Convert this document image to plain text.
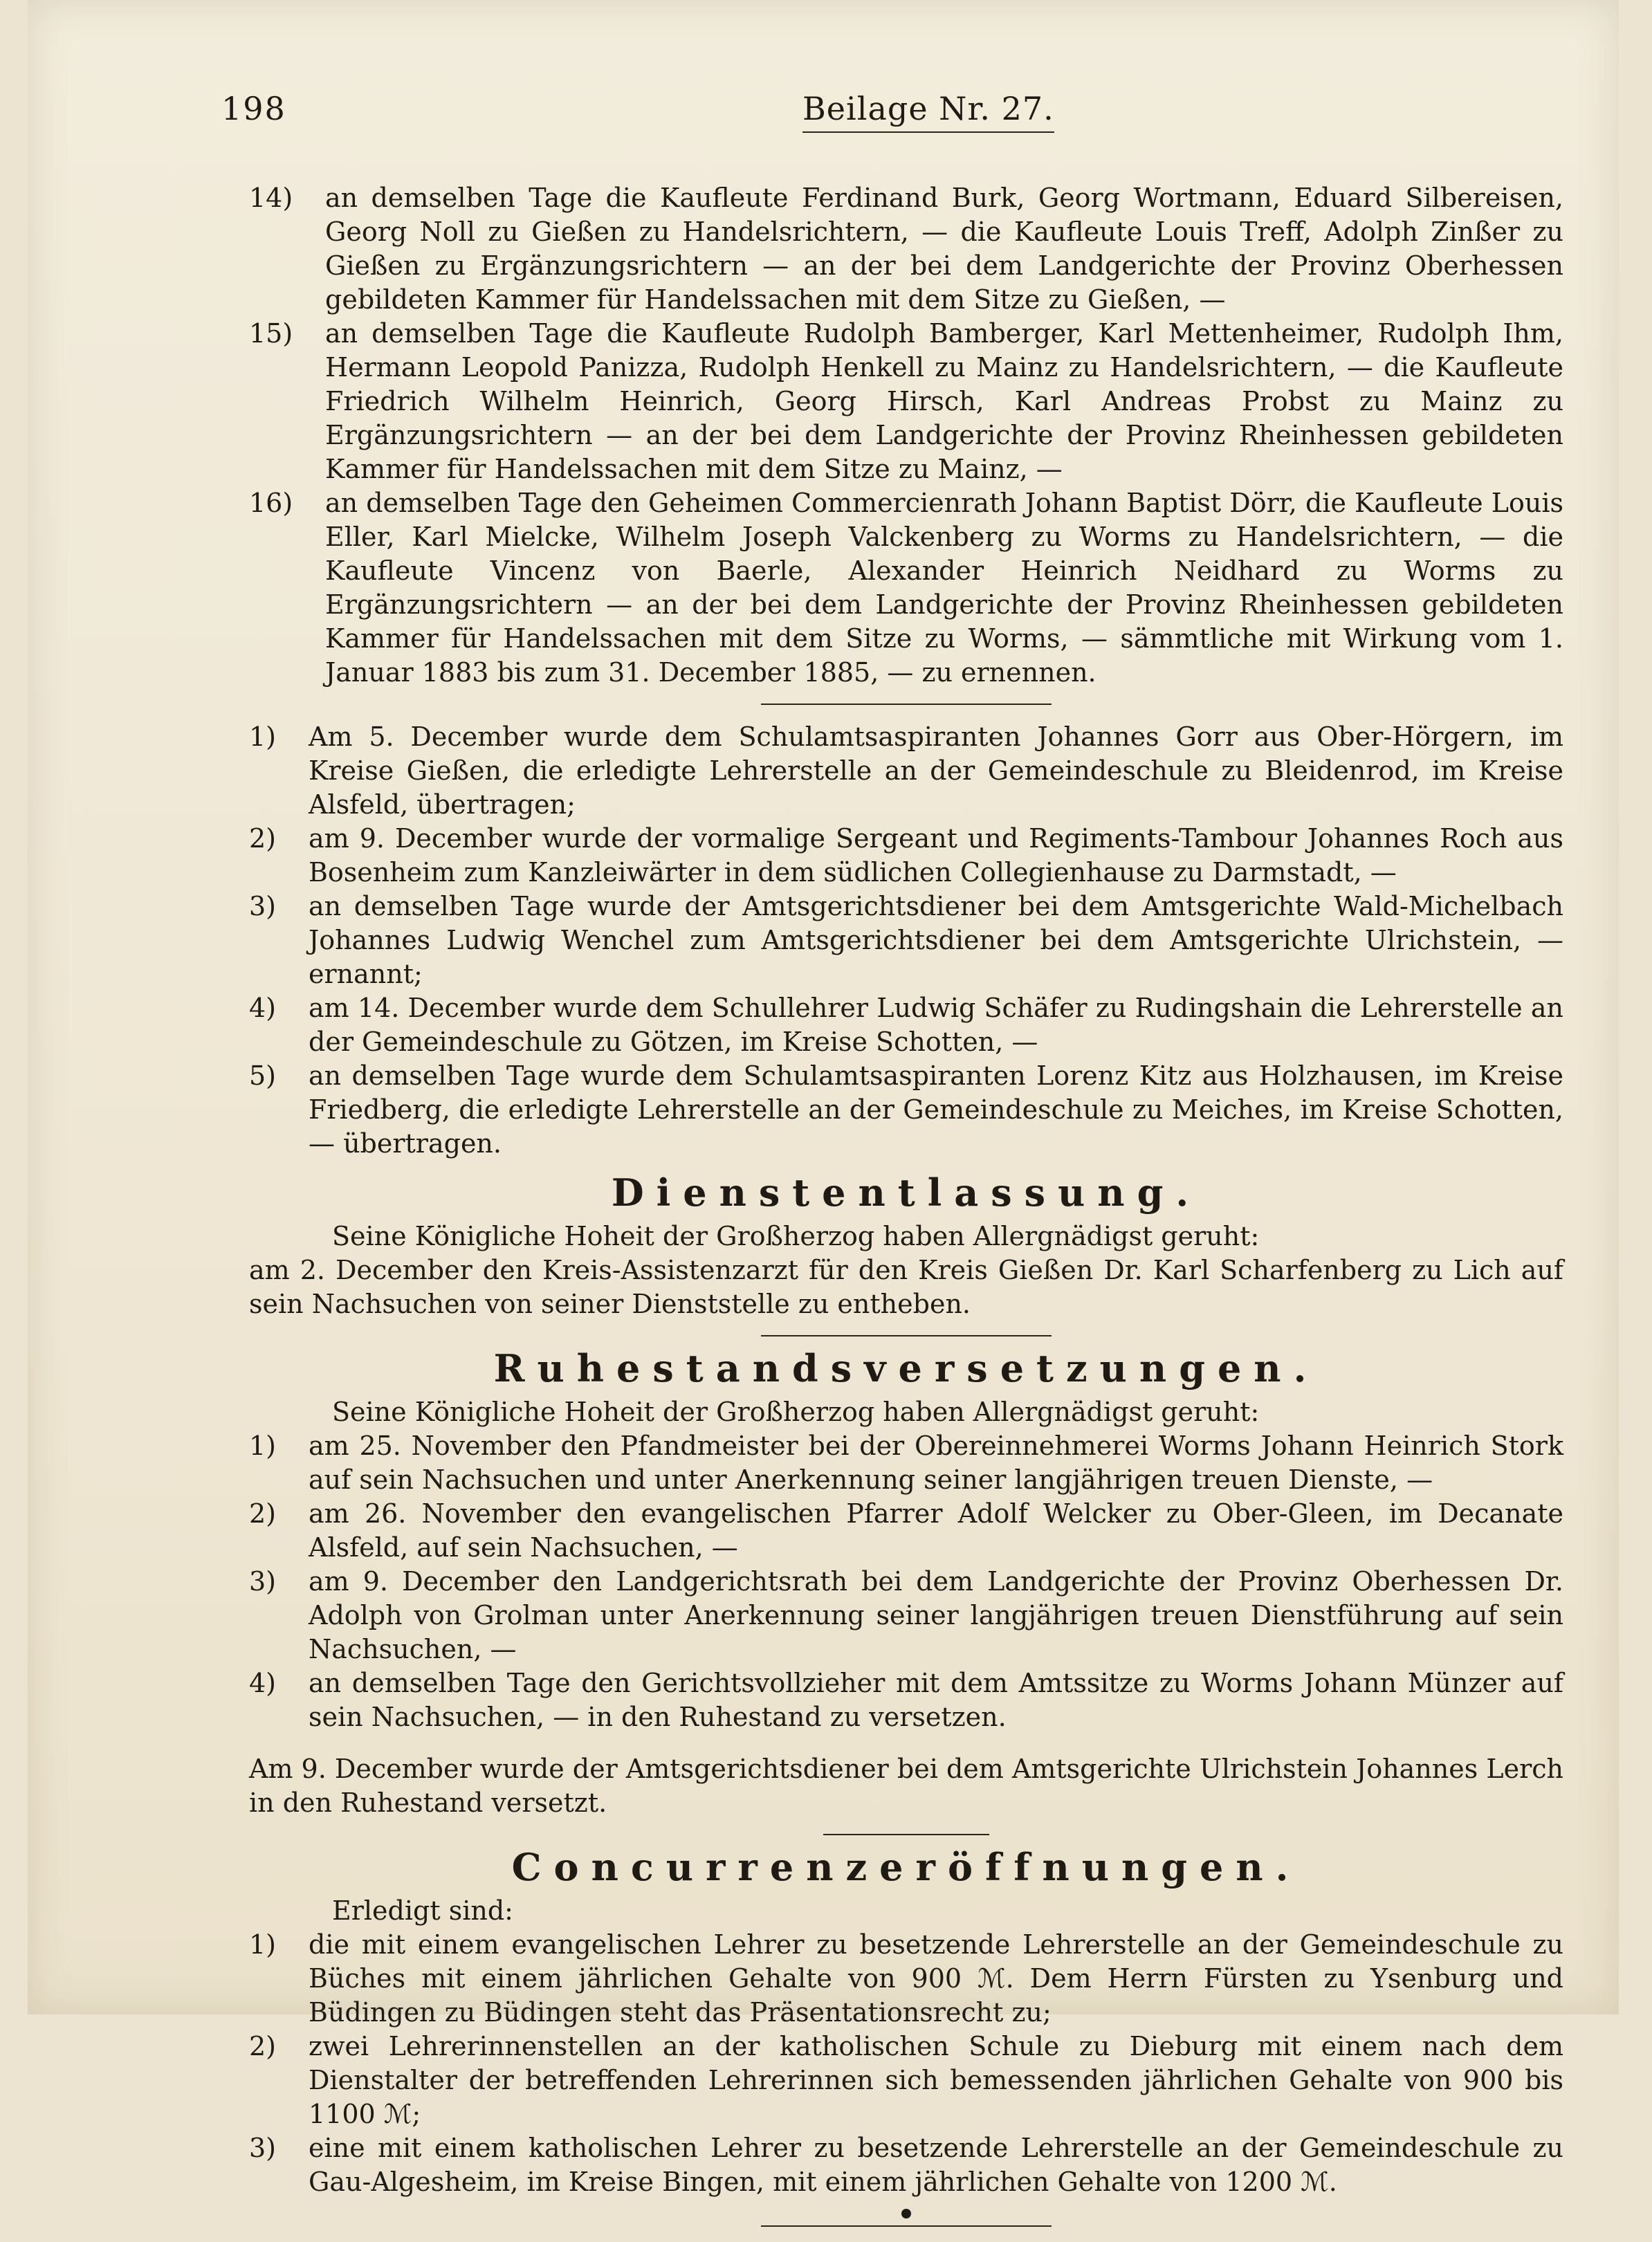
198	Beilage Nr. 27.

14) an demselben Tage die Kaufleute Ferdinand Burk, Georg Wortmann, Eduard Silbereisen, Georg Noll zu Gießen zu Handelsrichtern, — die Kaufleute Louis Treff, Adolph Zinßer zu Gießen zu Ergänzungsrichtern — an der bei dem Landgerichte der Provinz Oberhessen gebildeten Kammer für Handelssachen mit dem Sitze zu Gießen, —

15) an demselben Tage die Kaufleute Rudolph Bamberger, Karl Mettenheimer, Rudolph Ihm, Hermann Leopold Panizza, Rudolph Henkell zu Mainz zu Handelsrichtern, — die Kaufleute Friedrich Wilhelm Heinrich, Georg Hirsch, Karl Andreas Probst zu Mainz zu Ergänzungsrichtern — an der bei dem Landgerichte der Provinz Rheinhessen gebildeten Kammer für Handelssachen mit dem Sitze zu Mainz, —

16) an demselben Tage den Geheimen Commercienrath Johann Baptist Dörr, die Kaufleute Louis Eller, Karl Mielcke, Wilhelm Joseph Valckenberg zu Worms zu Handelsrichtern, — die Kaufleute Vincenz von Baerle, Alexander Heinrich Neidhard zu Worms zu Ergänzungsrichtern — an der bei dem Landgerichte der Provinz Rheinhessen gebildeten Kammer für Handelssachen mit dem Sitze zu Worms, — sämmtliche mit Wirkung vom 1. Januar 1883 bis zum 31. December 1885, — zu ernennen.

1) Am 5. December wurde dem Schulamtsaspiranten Johannes Gorr aus Ober-Hörgern, im Kreise Gießen, die erledigte Lehrerstelle an der Gemeindeschule zu Bleidenrod, im Kreise Alsfeld, übertragen;

2) am 9. December wurde der vormalige Sergeant und Regiments-Tambour Johannes Roch aus Bosenheim zum Kanzleiwärter in dem südlichen Collegienhause zu Darmstadt, —

3) an demselben Tage wurde der Amtsgerichtsdiener bei dem Amtsgerichte Wald-Michelbach Johannes Ludwig Wenchel zum Amtsgerichtsdiener bei dem Amtsgerichte Ulrichstein, — ernannt;

4) am 14. December wurde dem Schullehrer Ludwig Schäfer zu Rudingshain die Lehrerstelle an der Gemeindeschule zu Götzen, im Kreise Schotten, —

5) an demselben Tage wurde dem Schulamtsaspiranten Lorenz Kitz aus Holzhausen, im Kreise Friedberg, die erledigte Lehrerstelle an der Gemeindeschule zu Meiches, im Kreise Schotten, — übertragen.

Dienstentlassung.

Seine Königliche Hoheit der Großherzog haben Allergnädigst geruht:

am 2. December den Kreis-Assistenzarzt für den Kreis Gießen Dr. Karl Scharfenberg zu Lich auf sein Nachsuchen von seiner Dienststelle zu entheben.

Ruhestandsversetzungen.

Seine Königliche Hoheit der Großherzog haben Allergnädigst geruht:

1) am 25. November den Pfandmeister bei der Obereinnehmerei Worms Johann Heinrich Stork auf sein Nachsuchen und unter Anerkennung seiner langjährigen treuen Dienste, —

2) am 26. November den evangelischen Pfarrer Adolf Welcker zu Ober-Gleen, im Decanate Alsfeld, auf sein Nachsuchen, —

3) am 9. December den Landgerichtsrath bei dem Landgerichte der Provinz Oberhessen Dr. Adolph von Grolman unter Anerkennung seiner langjährigen treuen Dienstführung auf sein Nachsuchen, —

4) an demselben Tage den Gerichtsvollzieher mit dem Amtssitze zu Worms Johann Münzer auf sein Nachsuchen, — in den Ruhestand zu versetzen.

Am 9. December wurde der Amtsgerichtsdiener bei dem Amtsgerichte Ulrichstein Johannes Lerch in den Ruhestand versetzt.

Concurrenzeröffnungen.

Erledigt sind:

1) die mit einem evangelischen Lehrer zu besetzende Lehrerstelle an der Gemeindeschule zu Büches mit einem jährlichen Gehalte von 900 ℳ. Dem Herrn Fürsten zu Ysenburg und Büdingen zu Büdingen steht das Präsentationsrecht zu;

2) zwei Lehrerinnenstellen an der katholischen Schule zu Dieburg mit einem nach dem Dienstalter der betreffenden Lehrerinnen sich bemessenden jährlichen Gehalte von 900 bis 1100 ℳ;

3) eine mit einem katholischen Lehrer zu besetzende Lehrerstelle an der Gemeindeschule zu Gau-Algesheim, im Kreise Bingen, mit einem jährlichen Gehalte von 1200 ℳ.
